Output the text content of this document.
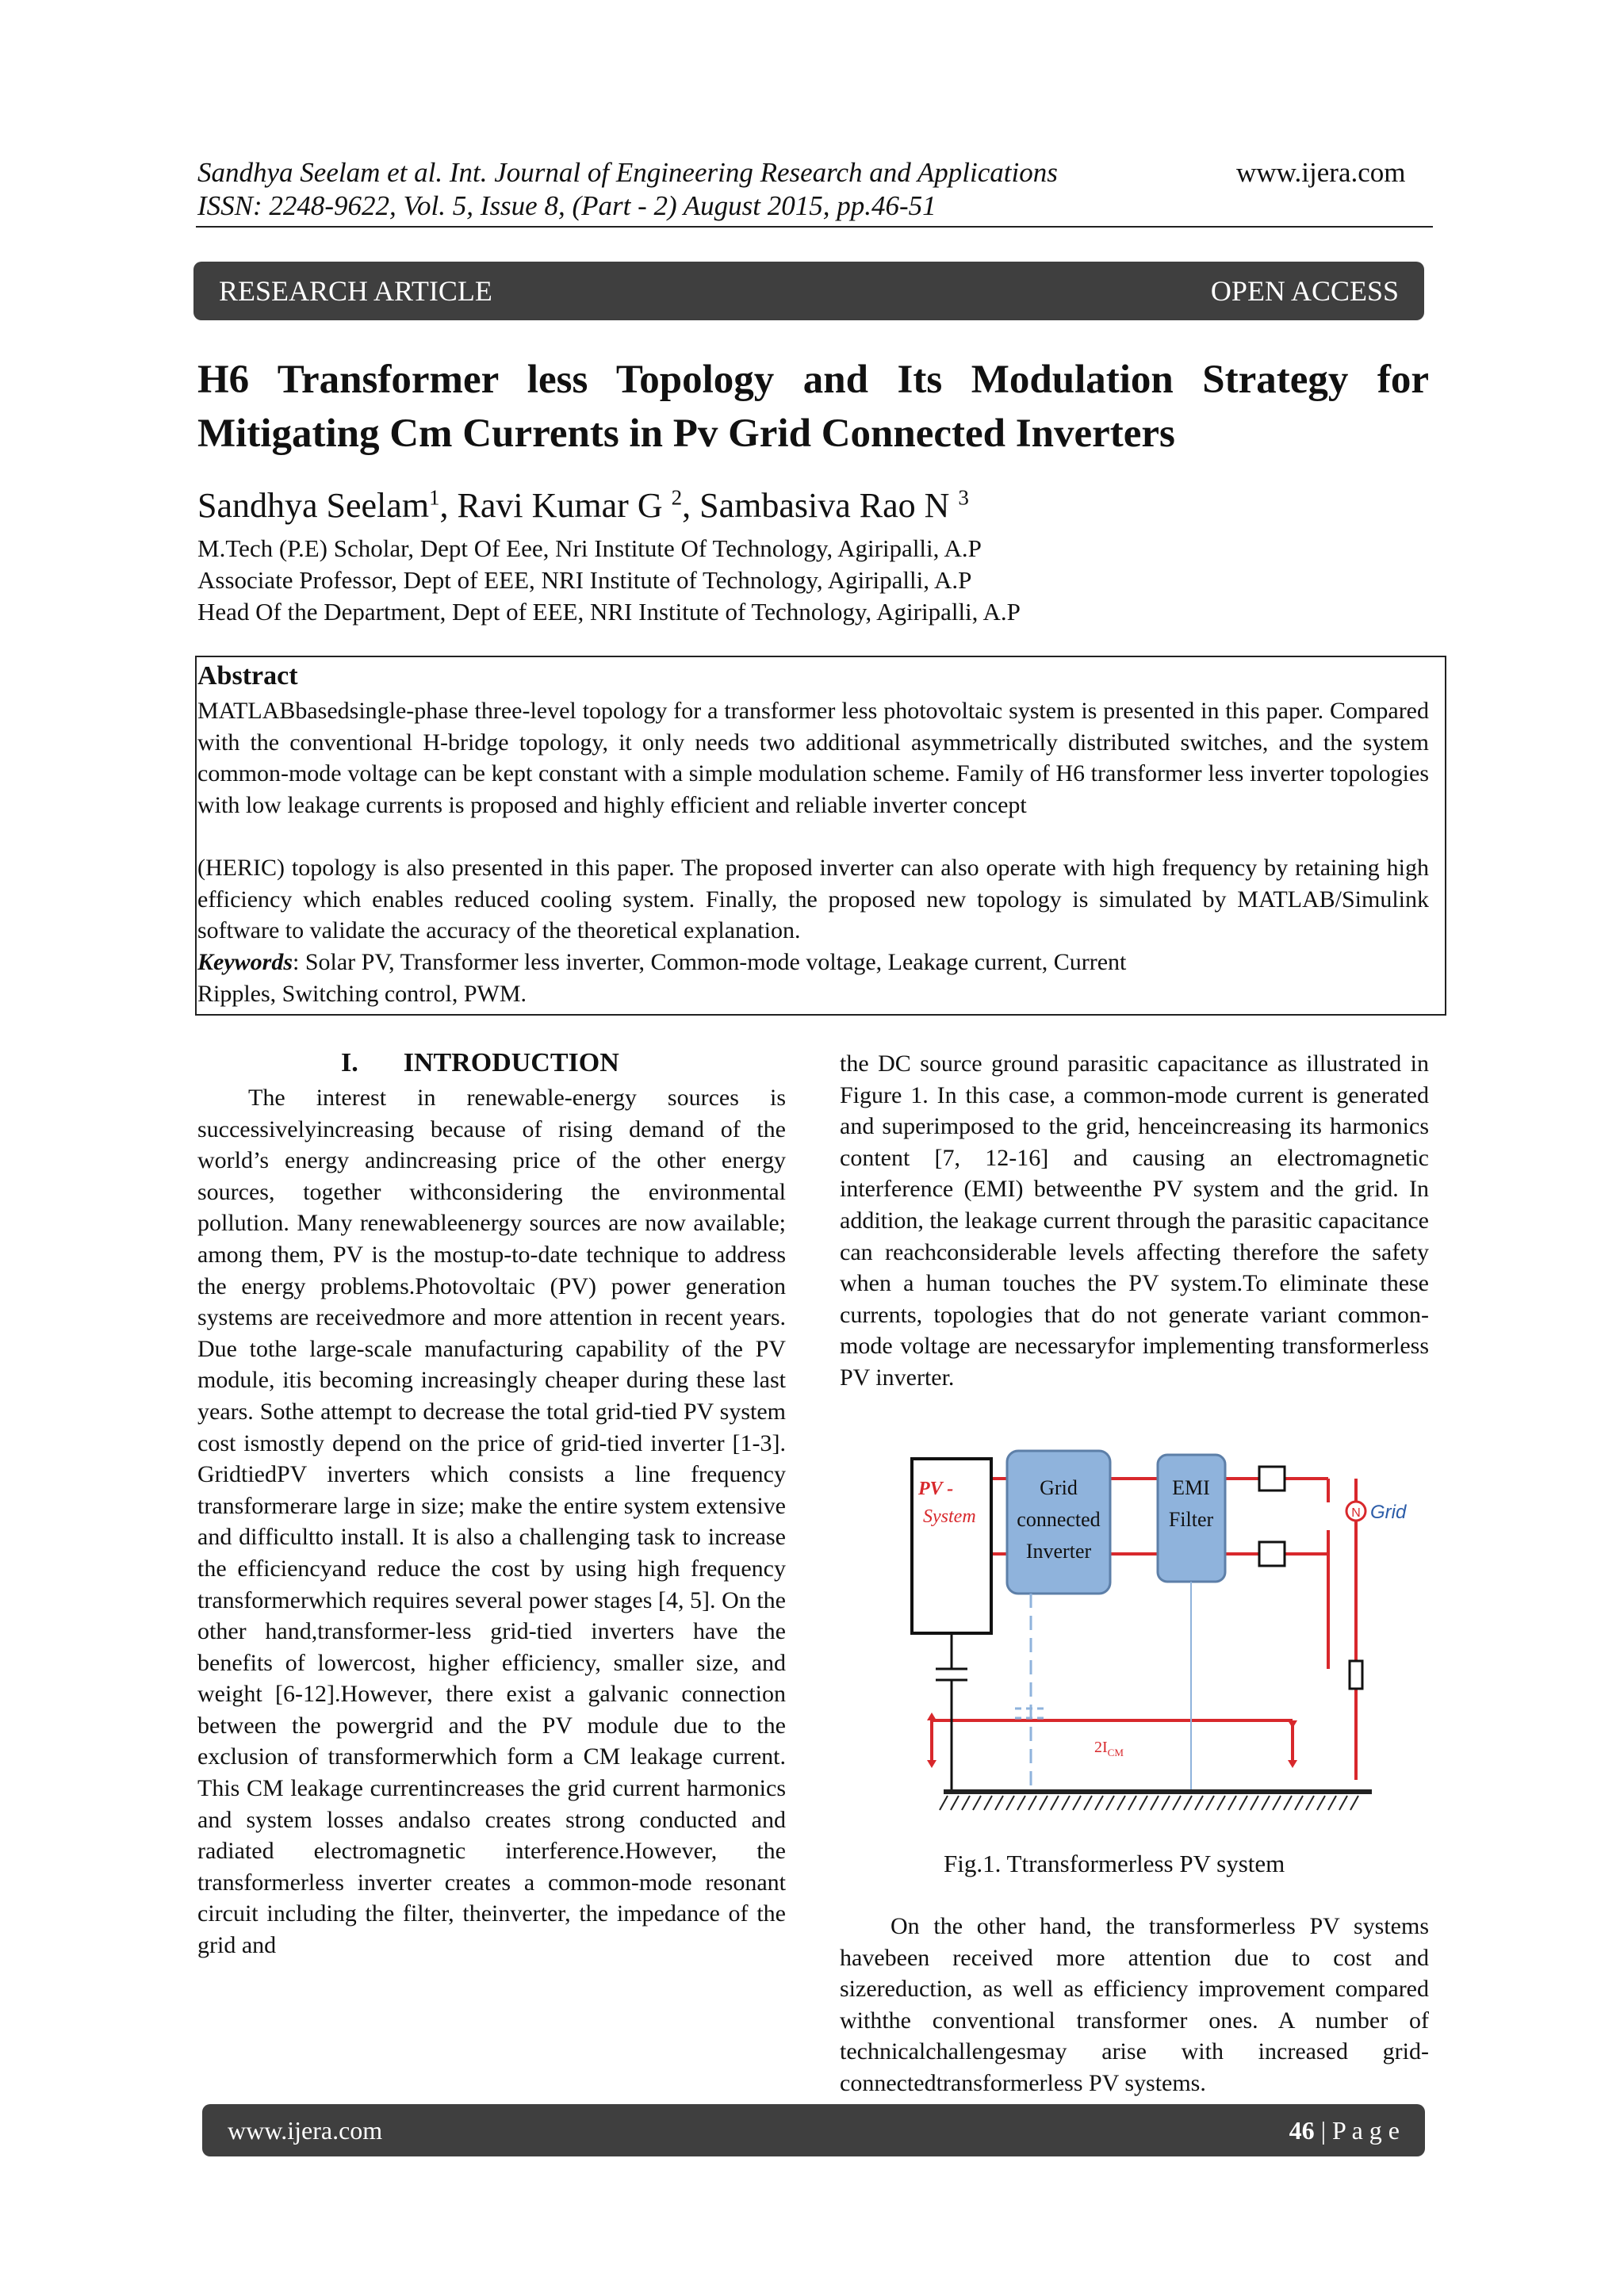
Sandhya Seelam et al. Int. Journal of Engineering Research and Applications	www.ijera.com
ISSN: 2248-9622, Vol. 5, Issue 8, (Part - 2) August 2015, pp.46-51
RESEARCH ARTICLE	OPEN ACCESS
H6 Transformer less Topology and Its Modulation Strategy for Mitigating Cm Currents in Pv Grid Connected Inverters
Sandhya Seelam$^1$, Ravi Kumar G $^2$, Sambasiva Rao N $^3$
M.Tech (P.E) Scholar, Dept Of Eee, Nri Institute Of Technology, Agiripalli, A.P
Associate Professor, Dept of EEE, NRI Institute of Technology, Agiripalli, A.P
Head Of the Department, Dept of EEE, NRI Institute of Technology, Agiripalli, A.P
Abstract
MATLABbasedsingle-phase three-level topology for a transformer less photovoltaic system is presented in this paper. Compared with the conventional H-bridge topology, it only needs two additional asymmetrically distributed switches, and the system common-mode voltage can be kept constant with a simple modulation scheme. Family of H6 transformer less inverter topologies with low leakage currents is proposed and highly efficient and reliable inverter concept
(HERIC) topology is also presented in this paper. The proposed inverter can also operate with high frequency by retaining high efficiency which enables reduced cooling system. Finally, the proposed new topology is simulated by MATLAB/Simulink software to validate the accuracy of the theoretical explanation.
Keywords: Solar PV, Transformer less inverter, Common-mode voltage, Leakage current, Current
Ripples, Switching control, PWM.
I. INTRODUCTION

The interest in renewable-energy sources is successivelyincreasing because of rising demand of the world’s energy andincreasing price of the other energy sources, together withconsidering the environmental pollution. Many renewableenergy sources are now available; among them, PV is the mostup-to-date technique to address the energy problems.Photovoltaic (PV) power generation systems are receivedmore and more attention in recent years. Due tothe large-scale manufacturing capability of the PV module, itis becoming increasingly cheaper during these last years. Sothe attempt to decrease the total grid-tied PV system cost ismostly depend on the price of grid-tied inverter [1-3]. GridtiedPV inverters which consists a line frequency transformerare large in size; make the entire system extensive and difficultto install. It is also a challenging task to increase the efficiencyand reduce the cost by using high frequency transformerwhich requires several power stages [4, 5]. On the other hand,transformer-less grid-tied inverters have the benefits of lowercost, higher efficiency, smaller size, and weight [6-12].However, there exist a galvanic connection between the powergrid and the PV module due to the exclusion of transformerwhich form a CM leakage current. This CM leakage currentincreases the grid current harmonics and system losses andalso creates strong conducted and radiated electromagnetic interference.However, the transformerless inverter creates a common-mode resonant circuit including the filter, theinverter, the impedance of the grid and

the DC source ground parasitic capacitance as illustrated in Figure 1. In this case, a common-mode current is generated and superimposed to the grid, henceincreasing its harmonics content [7, 12-16] and causing an electromagnetic interference (EMI) betweenthe PV system and the grid. In addition, the leakage current through the parasitic capacitance can reachconsiderable levels affecting therefore the safety when a human touches the PV system.To eliminate these currents, topologies that do not generate variant common-mode voltage are necessaryfor implementing transformerless PV inverter.

PV -
System
Grid
connected
Inverter
EMI
Filter	N Grid
$2I_{CM}$
Fig.1. Ttransformerless PV system

On the other hand, the transformerless PV systems havebeen received more attention due to cost and sizereduction, as well as efficiency improvement compared withthe conventional transformer ones. A number of technicalchallengesmay arise with increased grid-connectedtransformerless PV systems.

www.ijera.com	46 | P a g e
